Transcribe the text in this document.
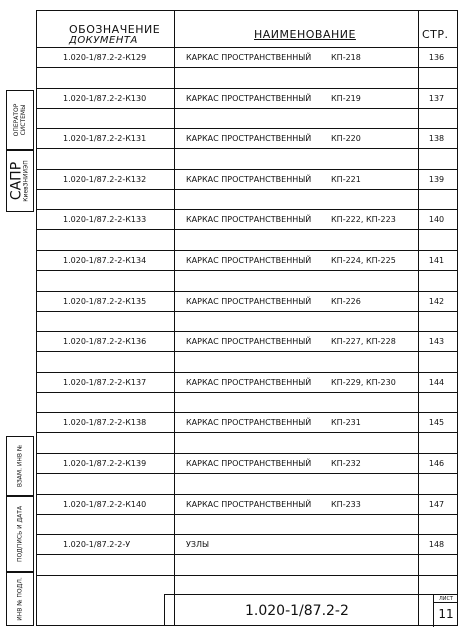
ОПЕРАТОР СИСТЕМЫ
САПР
КиевЗНИИЭП
ВЗАМ. ИНВ №
ПОДПИСЬ И ДАТА
ИНВ № ПОДЛ.
ОБОЗНАЧЕНИЕ
ДОКУМЕНТА	НАИМЕНОВАНИЕ	СТР.
1.020-1/87.2-2-К129	КАРКАС ПРОСТРАНСТВЕННЫЙ КП-218	136
1.020-1/87.2-2-К130	КАРКАС ПРОСТРАНСТВЕННЫЙ КП-219	137
1.020-1/87.2-2-К131	КАРКАС ПРОСТРАНСТВЕННЫЙ КП-220	138
1.020-1/87.2-2-К132	КАРКАС ПРОСТРАНСТВЕННЫЙ КП-221	139
1.020-1/87.2-2-К133	КАРКАС ПРОСТРАНСТВЕННЫЙ КП-222, КП-223	140
1.020-1/87.2-2-К134	КАРКАС ПРОСТРАНСТВЕННЫЙ КП-224, КП-225	141
1.020-1/87.2-2-К135	КАРКАС ПРОСТРАНСТВЕННЫЙ КП-226	142
1.020-1/87.2-2-К136	КАРКАС ПРОСТРАНСТВЕННЫЙ КП-227, КП-228	143
1.020-1/87.2-2-К137	КАРКАС ПРОСТРАНСТВЕННЫЙ КП-229, КП-230	144
1.020-1/87.2-2-К138	КАРКАС ПРОСТРАНСТВЕННЫЙ КП-231	145
1.020-1/87.2-2-К139	КАРКАС ПРОСТРАНСТВЕННЫЙ КП-232	146
1.020-1/87.2-2-К140	КАРКАС ПРОСТРАНСТВЕННЫЙ КП-233	147
1.020-1/87.2-2-У	УЗЛЫ	148
1.020-1/87.2-2
ЛИСТ
11
